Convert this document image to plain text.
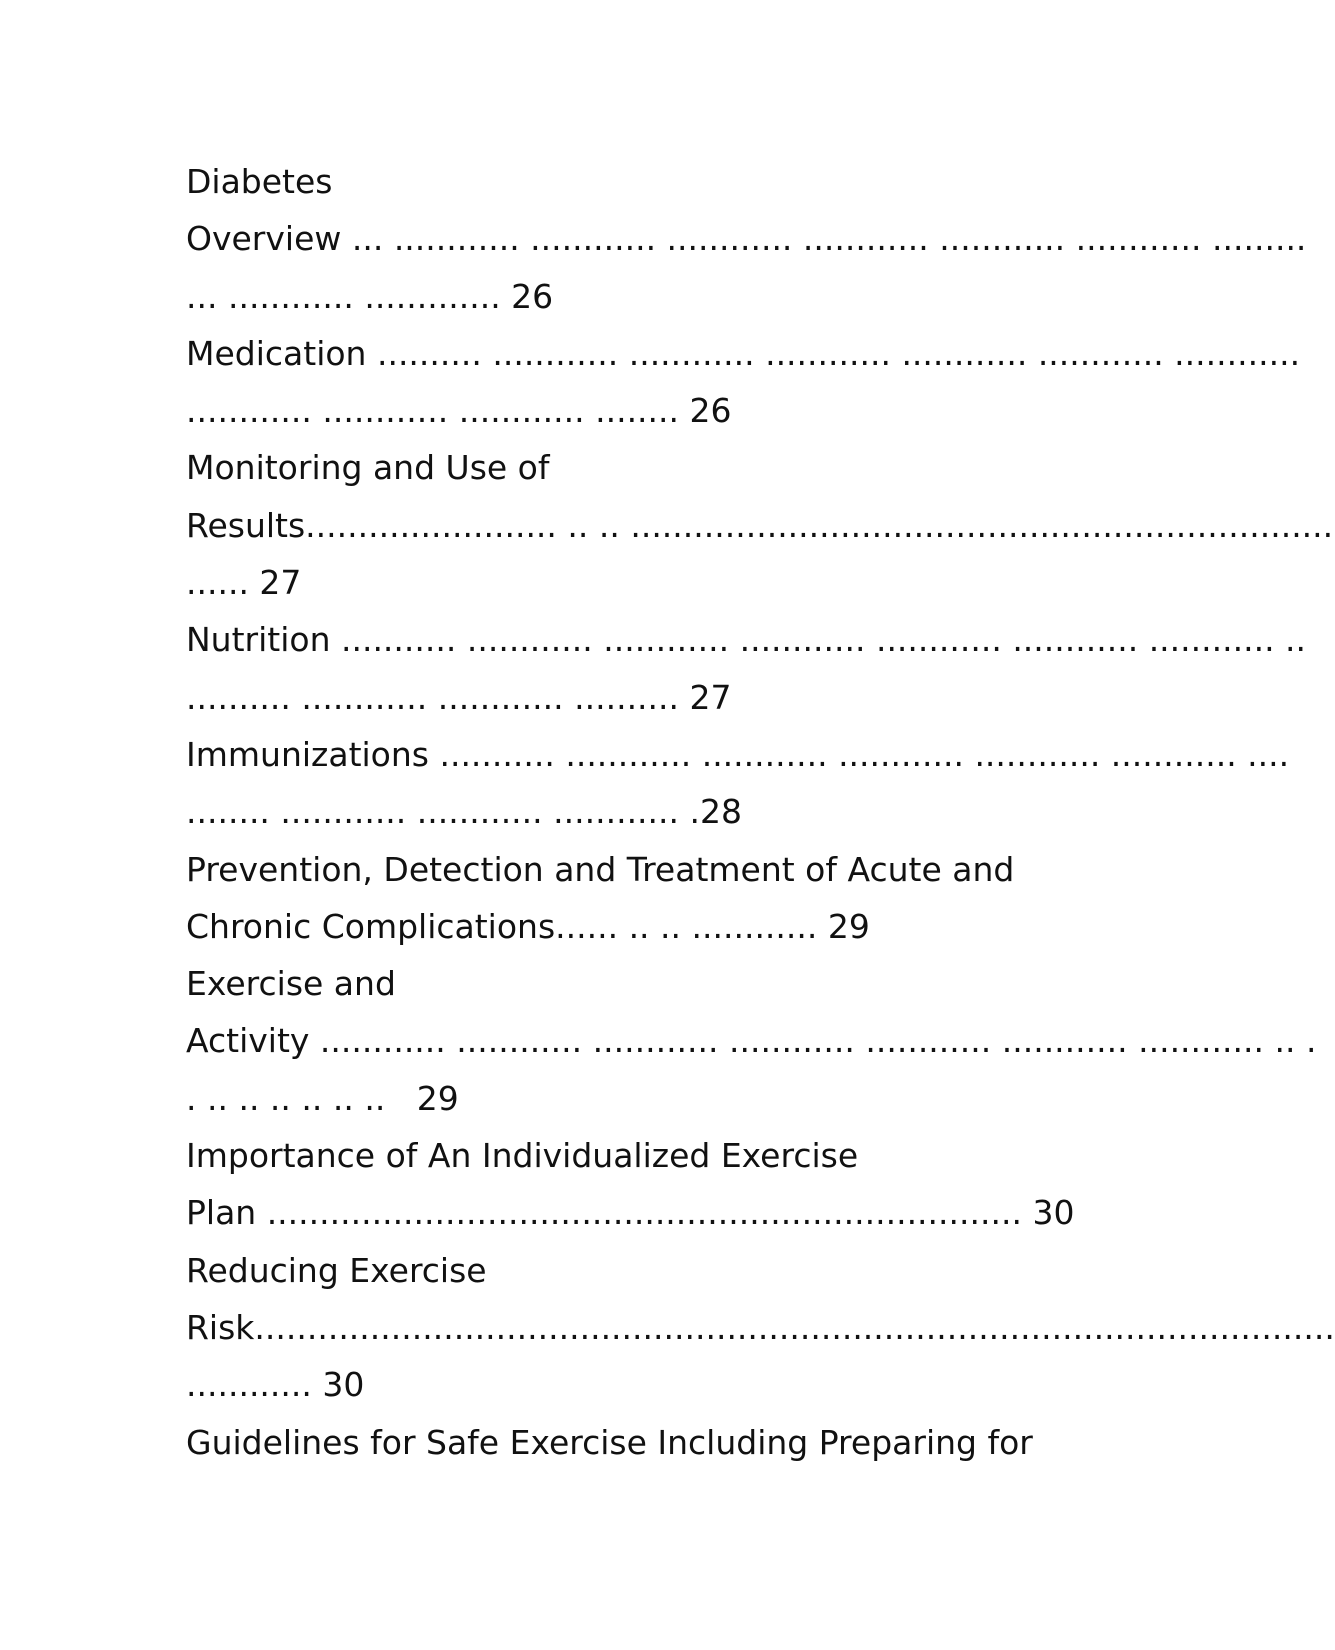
Diabetes
Overview ... ............ ............ ............ ............ ............ ............ .........
... ............ ............. 26
Medication .......... ............ ............ ............ ............ ............ ............
............ ............ ............ ........ 26
Monitoring and Use of
Results........................ .. .. ...................................................................
...... 27
Nutrition ........... ............ ............ ............ ............ ............ ............ ..
.......... ............ ............ .......... 27
Immunizations ........... ............ ............ ............ ............ ............ ....
........ ............ ............ ............ .28
Prevention, Detection and Treatment of Acute and
Chronic Complications...... .. .. ............ 29
Exercise and
Activity ............ ............ ............ ............ ............ ............ ............ .. .
. .. .. .. .. .. ..   29
Importance of An Individualized Exercise
Plan ........................................................................ 30
Reducing Exercise
Risk.......................................................................................................
............ 30
Guidelines for Safe Exercise Including Preparing for
